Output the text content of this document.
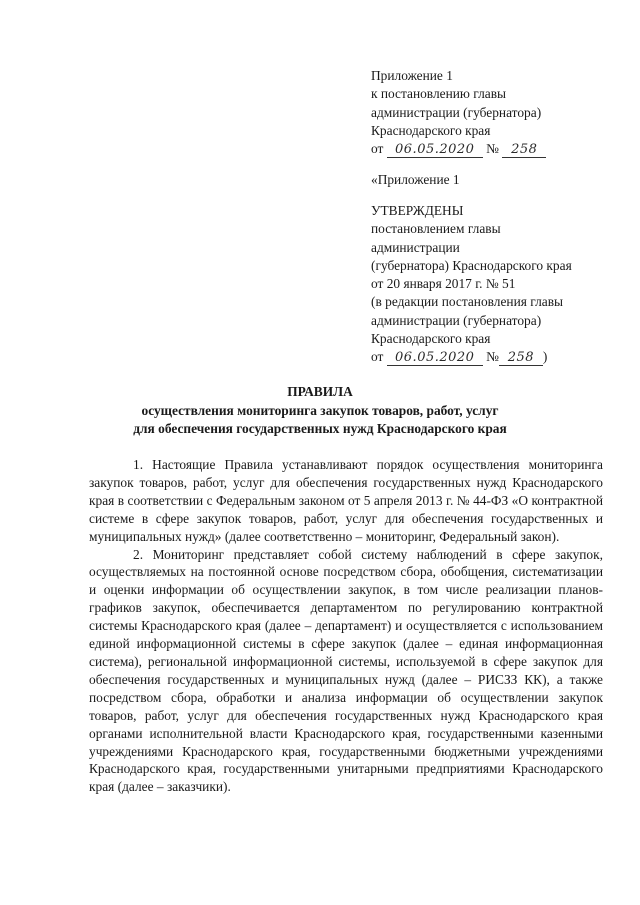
Приложение 1
к постановлению главы
администрации (губернатора)
Краснодарского края
от 06.05.2020 № 258
«Приложение 1
УТВЕРЖДЕНЫ
постановлением главы
администрации
(губернатора) Краснодарского края
от 20 января 2017 г. № 51
(в редакции постановления главы
администрации (губернатора)
Краснодарского края
от 06.05.2020 № 258 )
ПРАВИЛА
осуществления мониторинга закупок товаров, работ, услуг
для обеспечения государственных нужд Краснодарского края

1. Настоящие Правила устанавливают порядок осуществления мониторинга закупок товаров, работ, услуг для обеспечения государственных нужд Краснодарского края в соответствии с Федеральным законом от 5 апреля 2013 г. № 44-ФЗ «О контрактной системе в сфере закупок товаров, работ, услуг для обеспечения государственных и муниципальных нужд» (далее соответственно – мониторинг, Федеральный закон).

2. Мониторинг представляет собой систему наблюдений в сфере закупок, осуществляемых на постоянной основе посредством сбора, обобщения, систематизации и оценки информации об осуществлении закупок, в том числе реализации планов-графиков закупок, обеспечивается департаментом по регулированию контрактной системы Краснодарского края (далее – департамент) и осуществляется с использованием единой информационной системы в сфере закупок (далее – единая информационная система), региональной информационной системы, используемой в сфере закупок для обеспечения государственных и муниципальных нужд (далее – РИСЗЗ КК), а также посредством сбора, обработки и анализа информации об осуществлении закупок товаров, работ, услуг для обеспечения государственных нужд Краснодарского края органами исполнительной власти Краснодарского края, государственными казенными учреждениями Краснодарского края, государственными бюджетными учреждениями Краснодарского края, государственными унитарными предприятиями Краснодарского края (далее – заказчики).
